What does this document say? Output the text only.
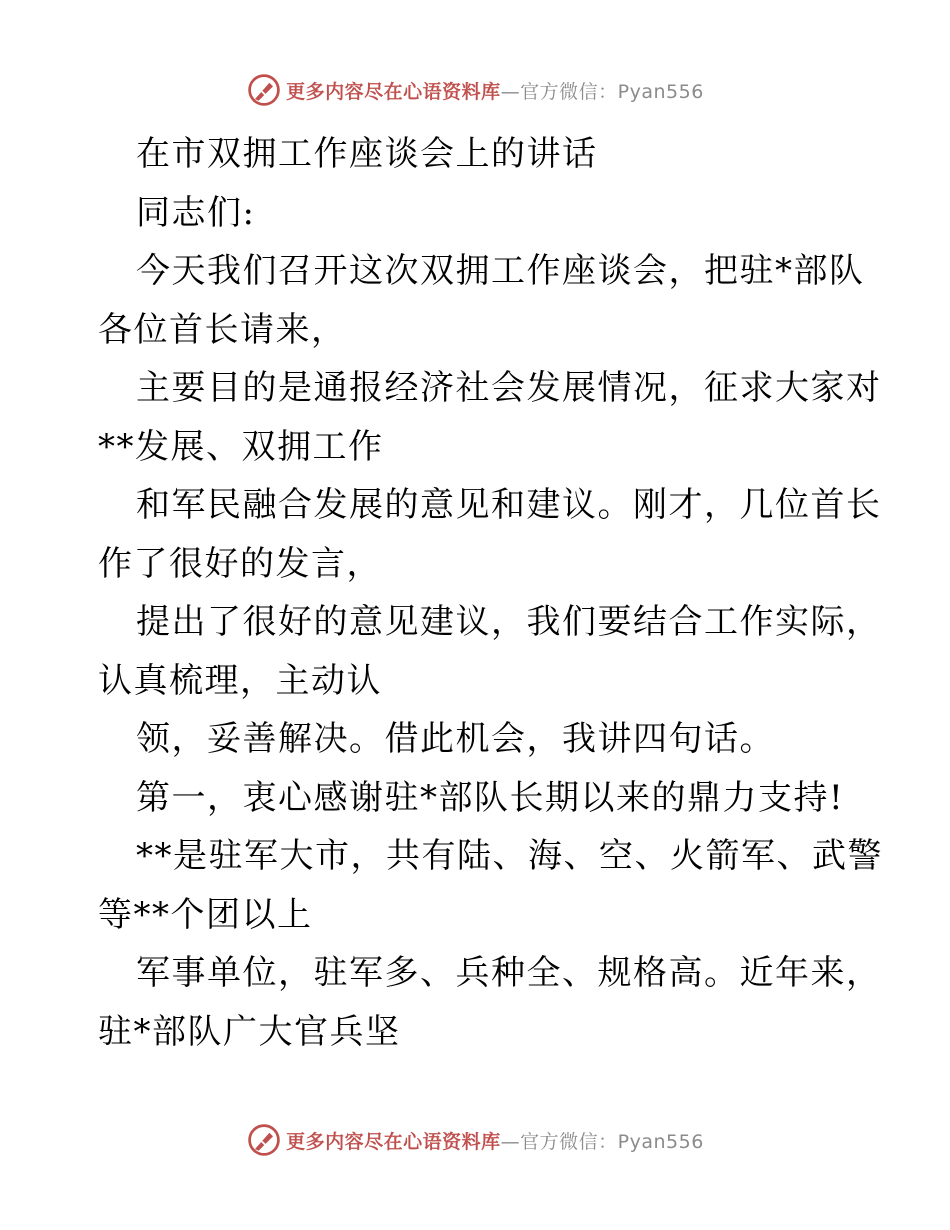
更多内容尽在心语资料库—官方微信：Pyan556
在市双拥工作座谈会上的讲话
同志们:
今天我们召开这次双拥工作座谈会，把驻*部队
各位首长请来，
主要目的是通报经济社会发展情况，征求大家对
**发展、双拥工作
和军民融合发展的意见和建议。刚才，几位首长
作了很好的发言，
提出了很好的意见建议，我们要结合工作实际，
认真梳理，主动认
领，妥善解决。借此机会，我讲四句话。
第一，衷心感谢驻*部队长期以来的鼎力支持!
**是驻军大市，共有陆、海、空、火箭军、武警
等**个团以上
军事单位，驻军多、兵种全、规格高。近年来，
驻*部队广大官兵坚
更多内容尽在心语资料库—官方微信：Pyan556
